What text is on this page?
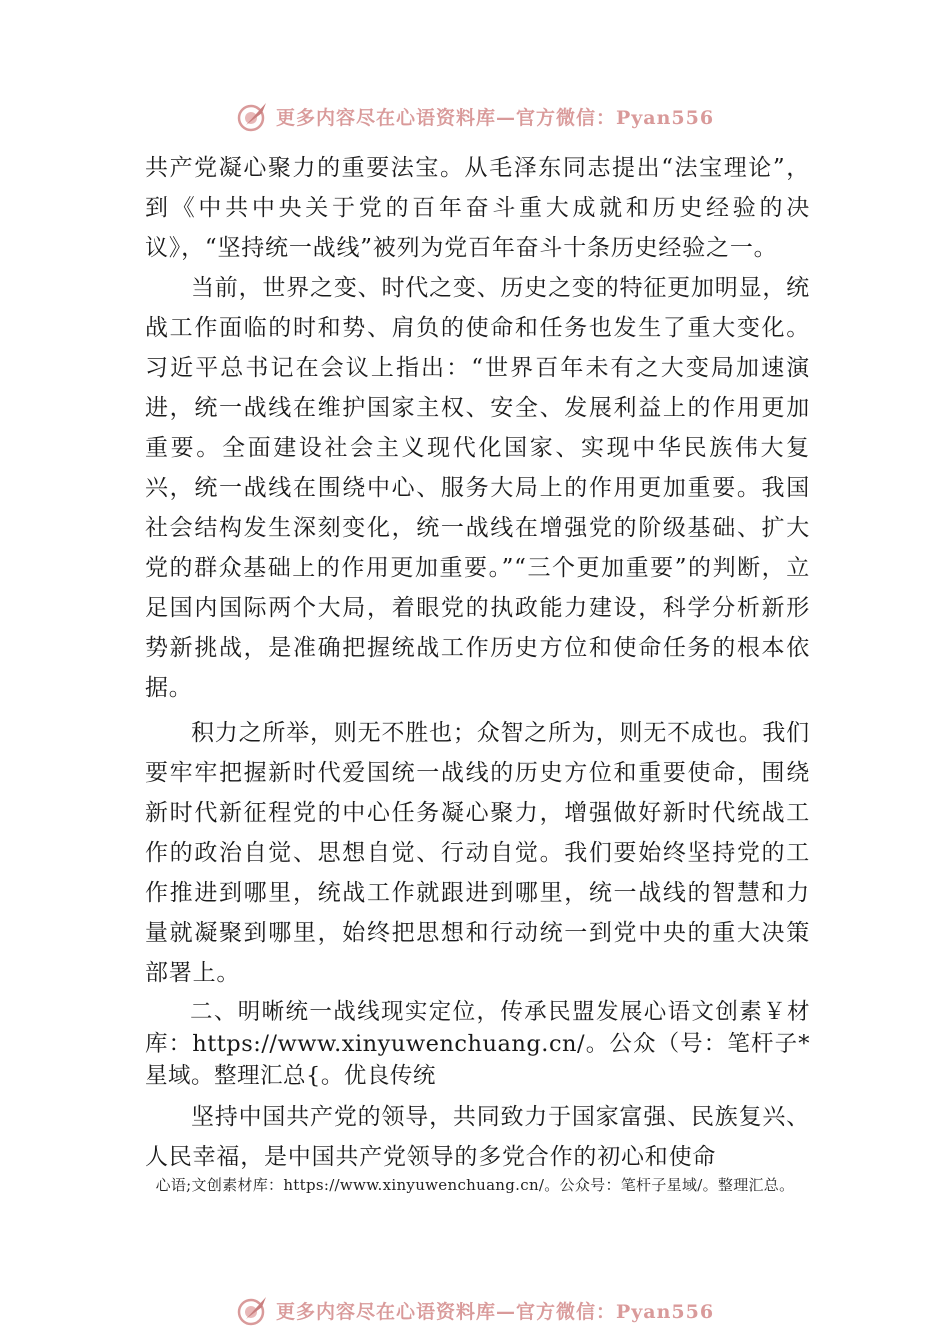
更多内容尽在心语资料库—官方微信：Pyan556

共产党凝心聚力的重要法宝。从毛泽东同志提出“法宝理论”，到《中共中央关于党的百年奋斗重大成就和历史经验的决议》，“坚持统一战线”被列为党百年奋斗十条历史经验之一。

当前，世界之变、时代之变、历史之变的特征更加明显，统战工作面临的时和势、肩负的使命和任务也发生了重大变化。习近平总书记在会议上指出：“世界百年未有之大变局加速演进，统一战线在维护国家主权、安全、发展利益上的作用更加重要。全面建设社会主义现代化国家、实现中华民族伟大复兴，统一战线在围绕中心、服务大局上的作用更加重要。我国社会结构发生深刻变化，统一战线在增强党的阶级基础、扩大党的群众基础上的作用更加重要。”“三个更加重要”的判断，立足国内国际两个大局，着眼党的执政能力建设，科学分析新形势新挑战，是准确把握统战工作历史方位和使命任务的根本依据。

积力之所举，则无不胜也；众智之所为，则无不成也。我们要牢牢把握新时代爱国统一战线的历史方位和重要使命，围绕新时代新征程党的中心任务凝心聚力，增强做好新时代统战工作的政治自觉、思想自觉、行动自觉。我们要始终坚持党的工作推进到哪里，统战工作就跟进到哪里，统一战线的智慧和力量就凝聚到哪里，始终把思想和行动统一到党中央的重大决策部署上。

二、明晰统一战线现实定位，传承民盟发展心语文创素￥材库：https://www.xinyuwenchuang.cn/。公众（号：笔杆子*星域。整理汇总{。优良传统

坚持中国共产党的领导，共同致力于国家富强、民族复兴、人民幸福，是中国共产党领导的多党合作的初心和使命

心语;文创素材库：https://www.xinyuwenchuang.cn/。公众号：笔杆子星域/。整理汇总。
更多内容尽在心语资料库—官方微信：Pyan556
